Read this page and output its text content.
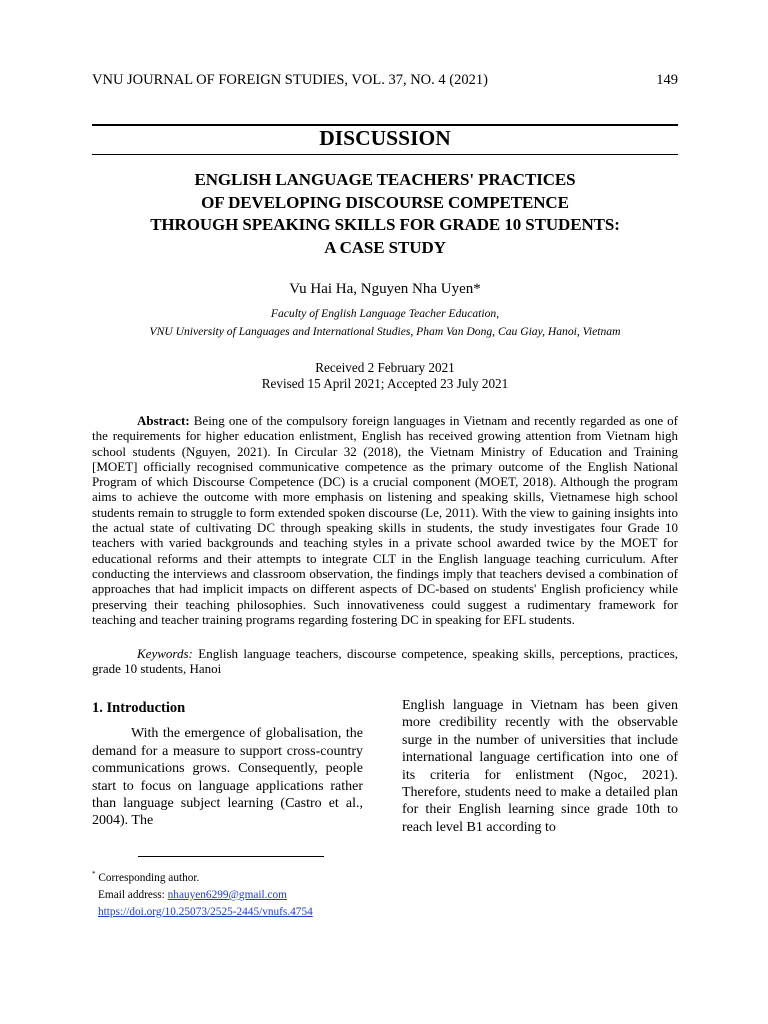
VNU JOURNAL OF FOREIGN STUDIES, VOL. 37, NO. 4 (2021)	149
DISCUSSION
ENGLISH LANGUAGE TEACHERS' PRACTICES
OF DEVELOPING DISCOURSE COMPETENCE
THROUGH SPEAKING SKILLS FOR GRADE 10 STUDENTS:
A CASE STUDY
Vu Hai Ha, Nguyen Nha Uyen*
Faculty of English Language Teacher Education,
VNU University of Languages and International Studies, Pham Van Dong, Cau Giay, Hanoi, Vietnam
Received 2 February 2021
Revised 15 April 2021; Accepted 23 July 2021
Abstract: Being one of the compulsory foreign languages in Vietnam and recently regarded as one of the requirements for higher education enlistment, English has received growing attention from Vietnam high school students (Nguyen, 2021). In Circular 32 (2018), the Vietnam Ministry of Education and Training [MOET] officially recognised communicative competence as the primary outcome of the English National Program of which Discourse Competence (DC) is a crucial component (MOET, 2018). Although the program aims to achieve the outcome with more emphasis on listening and speaking skills, Vietnamese high school students remain to struggle to form extended spoken discourse (Le, 2011). With the view to gaining insights into the actual state of cultivating DC through speaking skills in students, the study investigates four Grade 10 teachers with varied backgrounds and teaching styles in a private school awarded twice by the MOET for educational reforms and their attempts to integrate CLT in the English language teaching curriculum. After conducting the interviews and classroom observation, the findings imply that teachers devised a combination of approaches that had implicit impacts on different aspects of DC-based on students' English proficiency while preserving their teaching philosophies. Such innovativeness could suggest a rudimentary framework for teaching and teacher training programs regarding fostering DC in speaking for EFL students.
Keywords: English language teachers, discourse competence, speaking skills, perceptions, practices, grade 10 students, Hanoi
1. Introduction

With the emergence of globalisation, the demand for a measure to support cross-country communications grows. Consequently, people start to focus on language applications rather than language subject learning (Castro et al., 2004). The

English language in Vietnam has been given more credibility recently with the observable surge in the number of universities that include international language certification into one of its criteria for enlistment (Ngoc, 2021). Therefore, students need to make a detailed plan for their English learning since grade 10th to reach level B1 according to

* Corresponding author.
Email address: nhauyen6299@gmail.com
https://doi.org/10.25073/2525-2445/vnufs.4754
